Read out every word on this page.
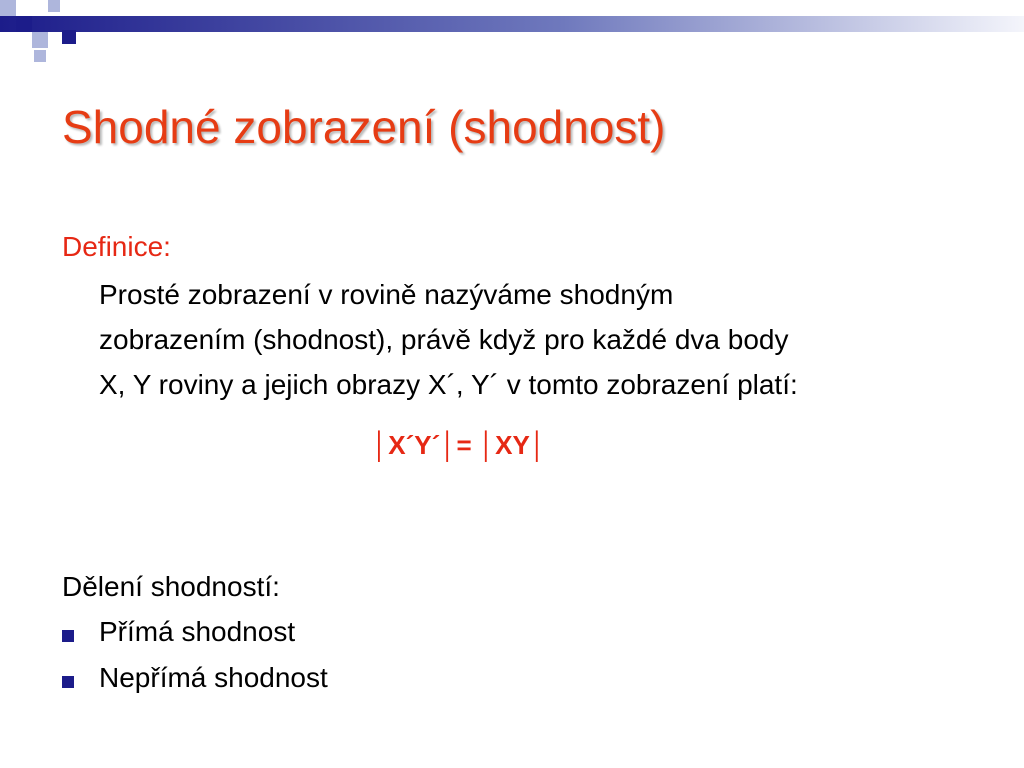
Shodné zobrazení (shodnost)
Definice:
Prosté zobrazení v rovině nazýváme shodným
zobrazením (shodnost), právě když pro každé dva body
X, Y roviny a jejich obrazy X´, Y´ v tomto zobrazení platí:
│X´Y´│= │XY│
Dělení shodností:
Přímá shodnost
Nepřímá shodnost
